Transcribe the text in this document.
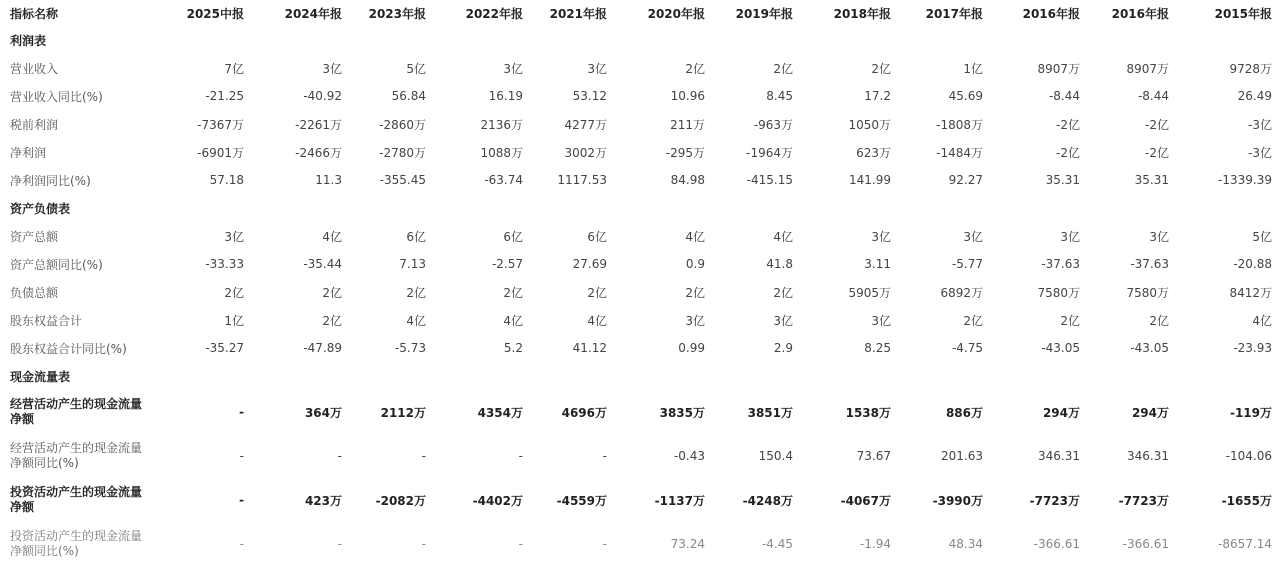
指标名称	2025中报	2024年报	2023年报	2022年报	2021年报	2020年报	2019年报	2018年报	2017年报	2016年报	2016年报	2015年报
利润表												
营业收入	7亿	3亿	5亿	3亿	3亿	2亿	2亿	2亿	1亿	8907万	8907万	9728万
营业收入同比(%)	-21.25	-40.92	56.84	16.19	53.12	10.96	8.45	17.2	45.69	-8.44	-8.44	26.49
税前利润	-7367万	-2261万	-2860万	2136万	4277万	211万	-963万	1050万	-1808万	-2亿	-2亿	-3亿
净利润	-6901万	-2466万	-2780万	1088万	3002万	-295万	-1964万	623万	-1484万	-2亿	-2亿	-3亿
净利润同比(%)	57.18	11.3	-355.45	-63.74	1117.53	84.98	-415.15	141.99	92.27	35.31	35.31	-1339.39
资产负债表												
资产总额	3亿	4亿	6亿	6亿	6亿	4亿	4亿	3亿	3亿	3亿	3亿	5亿
资产总额同比(%)	-33.33	-35.44	7.13	-2.57	27.69	0.9	41.8	3.11	-5.77	-37.63	-37.63	-20.88
负债总额	2亿	2亿	2亿	2亿	2亿	2亿	2亿	5905万	6892万	7580万	7580万	8412万
股东权益合计	1亿	2亿	4亿	4亿	4亿	3亿	3亿	3亿	2亿	2亿	2亿	4亿
股东权益合计同比(%)	-35.27	-47.89	-5.73	5.2	41.12	0.99	2.9	8.25	-4.75	-43.05	-43.05	-23.93
现金流量表												
经营活动产生的现金流量净额	-	364万	2112万	4354万	4696万	3835万	3851万	1538万	886万	294万	294万	-119万
经营活动产生的现金流量净额同比(%)	-	-	-	-	-	-0.43	150.4	73.67	201.63	346.31	346.31	-104.06
投资活动产生的现金流量净额	-	423万	-2082万	-4402万	-4559万	-1137万	-4248万	-4067万	-3990万	-7723万	-7723万	-1655万
投资活动产生的现金流量净额同比(%)	-	-	-	-	-	73.24	-4.45	-1.94	48.34	-366.61	-366.61	-8657.14
